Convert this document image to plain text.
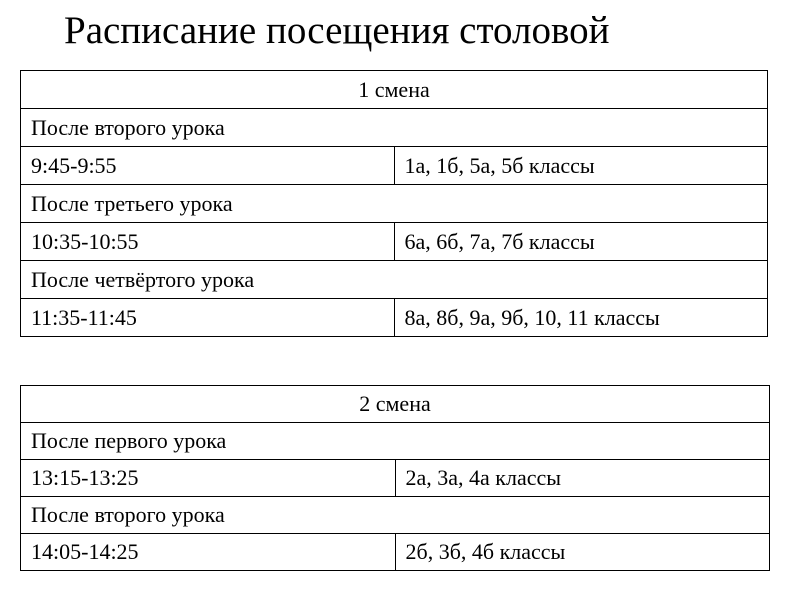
Расписание посещения столовой
1 смена	
После второго урока	
9:45-9:55	1а, 1б, 5а, 5б классы
После третьего урока	
10:35-10:55	6а, 6б, 7а, 7б классы
После четвёртого урока	
11:35-11:45	8а, 8б, 9а, 9б, 10, 11 классы
2 смена	
После первого урока	
13:15-13:25	2а, 3а, 4а классы
После второго урока	
14:05-14:25	2б, 3б, 4б классы
